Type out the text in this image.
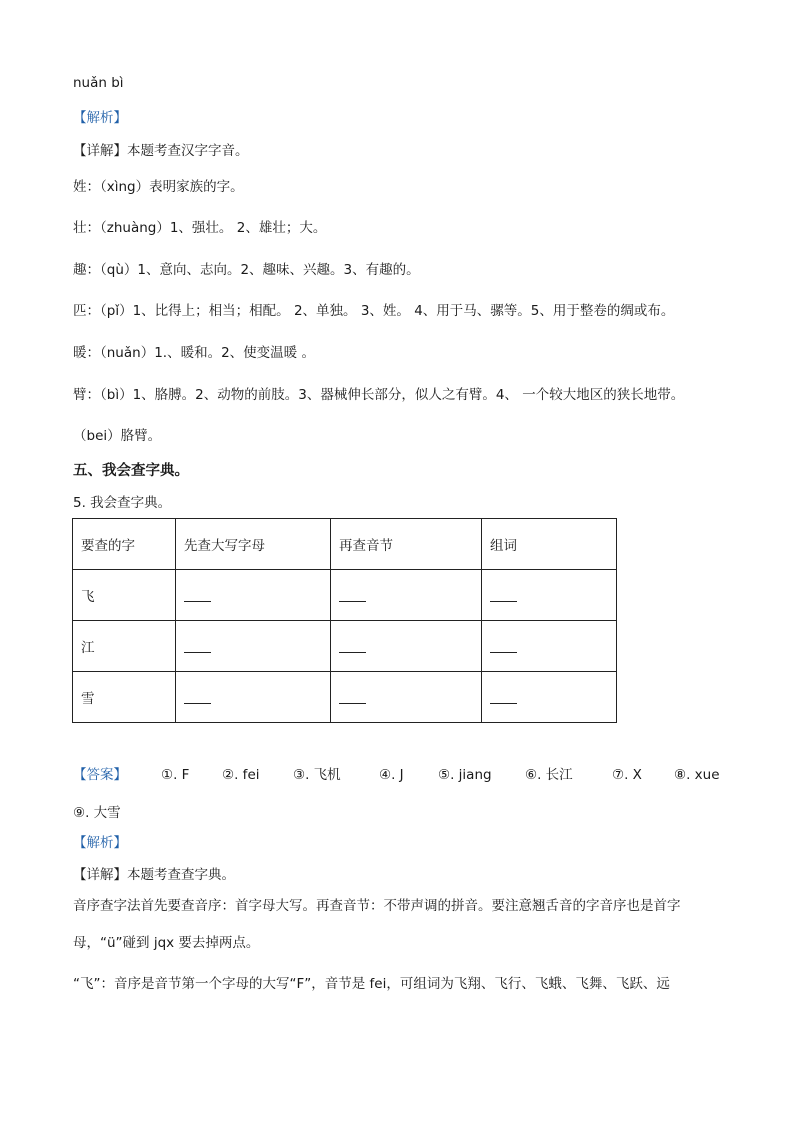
nuǎn bì
【解析】
【详解】本题考查汉字字音。
姓：（xìng）表明家族的字。
壮：（zhuàng）1、强壮。 2、雄壮；大。
趣：（qù）1、意向、志向。2、趣味、兴趣。3、有趣的。
匹：（pǐ）1、比得上；相当；相配。 2、单独。 3、姓。 4、用于马、骡等。5、用于整卷的绸或布。
暖：（nuǎn）1.、暖和。2、使变温暖 。
臂：（bì）1、胳膊。2、动物的前肢。3、器械伸长部分，似人之有臂。4、 一个较大地区的狭长地带。
（bei）胳臂。
五、我会查字典。
5. 我会查字典。
要查的字	先查大写字母	再查音节	组词
飞			
江			
雪			
【答案】	①. F ②. fei ③. 飞机	④. J	⑤. jiang ⑥. 长江	⑦. X ⑧. xue
⑨. 大雪
【解析】
【详解】本题考查查字典。
音序查字法首先要查音序：首字母大写。再查音节：不带声调的拼音。要注意翘舌音的字音序也是首字
母，“ü”碰到 jqx 要去掉两点。
“飞”：音序是音节第一个字母的大写“F”，音节是 fei，可组词为飞翔、飞行、飞蛾、飞舞、飞跃、远
